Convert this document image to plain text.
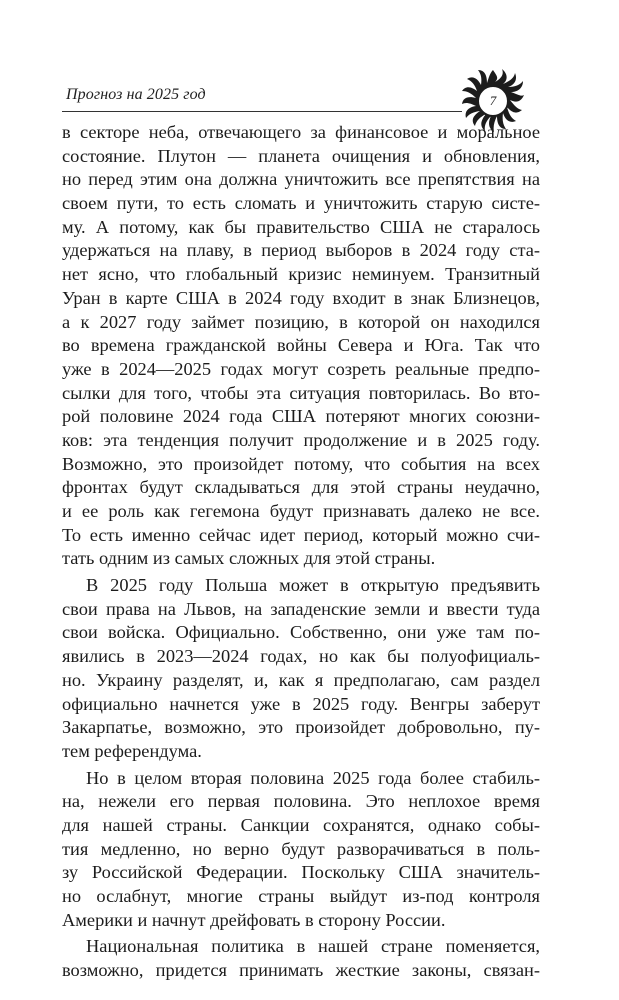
Прогноз на 2025 год	7
в секторе неба, отвечающего за финансовое и моральное
состояние. Плутон — планета очищения и обновления,
но перед этим она должна уничтожить все препятствия на
своем пути, то есть сломать и уничтожить старую систе-
му. А потому, как бы правительство США не старалось
удержаться на плаву, в период выборов в 2024 году ста-
нет ясно, что глобальный кризис неминуем. Транзитный
Уран в карте США в 2024 году входит в знак Близнецов,
а к 2027 году займет позицию, в которой он находился
во времена гражданской войны Севера и Юга. Так что
уже в 2024—2025 годах могут созреть реальные предпо-
сылки для того, чтобы эта ситуация повторилась. Во вто-
рой половине 2024 года США потеряют многих союзни-
ков: эта тенденция получит продолжение и в 2025 году.
Возможно, это произойдет потому, что события на всех
фронтах будут складываться для этой страны неудачно,
и ее роль как гегемона будут признавать далеко не все.
То есть именно сейчас идет период, который можно счи-
тать одним из самых сложных для этой страны.
В 2025 году Польша может в открытую предъявить
свои права на Львов, на западенские земли и ввести туда
свои войска. Официально. Собственно, они уже там по-
явились в 2023—2024 годах, но как бы полуофициаль-
но. Украину разделят, и, как я предполагаю, сам раздел
официально начнется уже в 2025 году. Венгры заберут
Закарпатье, возможно, это произойдет добровольно, пу-
тем референдума.
Но в целом вторая половина 2025 года более стабиль-
на, нежели его первая половина. Это неплохое время
для нашей страны. Санкции сохранятся, однако собы-
тия медленно, но верно будут разворачиваться в поль-
зу Российской Федерации. Поскольку США значитель-
но ослабнут, многие страны выйдут из-под контроля
Америки и начнут дрейфовать в сторону России.
Национальная политика в нашей стране поменяется,
возможно, придется принимать жесткие законы, связан-
